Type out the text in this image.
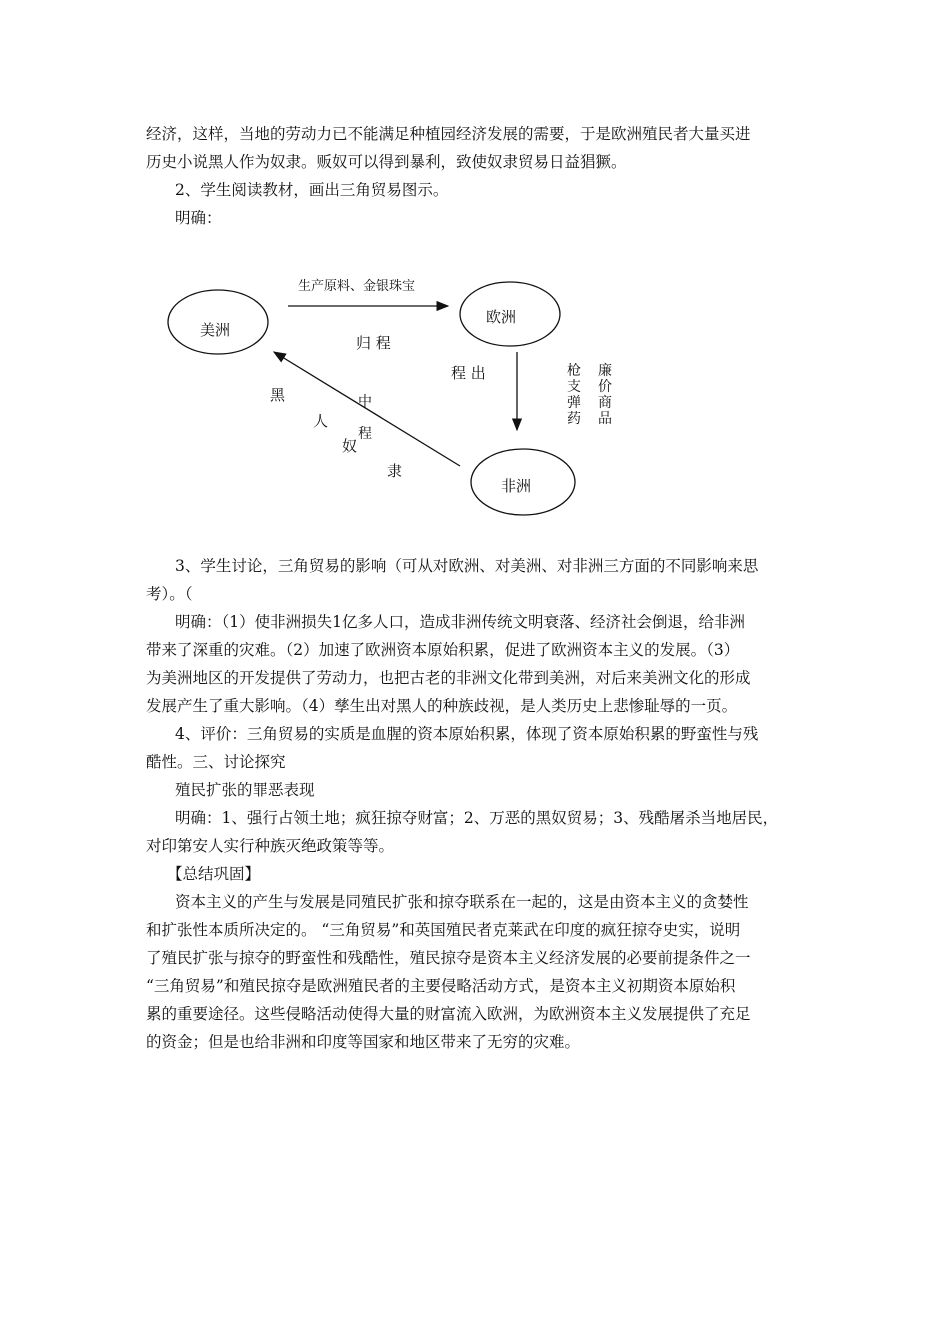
经济，这样，当地的劳动力已不能满足种植园经济发展的需要，于是欧洲殖民者大量买进
历史小说黑人作为奴隶。贩奴可以得到暴利，致使奴隶贸易日益猖獗。
2、学生阅读教材，画出三角贸易图示。
明确：
美洲
欧洲
非洲
生产原料、金银珠宝
归 程
程 出	枪支弹药
廉价商品
中程
黑
人
奴
隶
3、学生讨论，三角贸易的影响（可从对欧洲、对美洲、对非洲三方面的不同影响来思
考）。（
明确：（1）使非洲损失1亿多人口，造成非洲传统文明衰落、经济社会倒退，给非洲
带来了深重的灾难。（2）加速了欧洲资本原始积累，促进了欧洲资本主义的发展。（3）
为美洲地区的开发提供了劳动力，也把古老的非洲文化带到美洲，对后来美洲文化的形成
发展产生了重大影响。（4）孳生出对黑人的种族歧视，是人类历史上悲惨耻辱的一页。
4、评价：三角贸易的实质是血腥的资本原始积累，体现了资本原始积累的野蛮性与残
酷性。三、讨论探究
殖民扩张的罪恶表现
明确：1、强行占领土地；疯狂掠夺财富；2、万恶的黑奴贸易；3、残酷屠杀当地居民，
对印第安人实行种族灭绝政策等等。
【总结巩固】
资本主义的产生与发展是同殖民扩张和掠夺联系在一起的，这是由资本主义的贪婪性
和扩张性本质所决定的。 “三角贸易”和英国殖民者克莱武在印度的疯狂掠夺史实，说明
了殖民扩张与掠夺的野蛮性和残酷性，殖民掠夺是资本主义经济发展的必要前提条件之一
“三角贸易”和殖民掠夺是欧洲殖民者的主要侵略活动方式，是资本主义初期资本原始积
累的重要途径。这些侵略活动使得大量的财富流入欧洲，为欧洲资本主义发展提供了充足
的资金；但是也给非洲和印度等国家和地区带来了无穷的灾难。
